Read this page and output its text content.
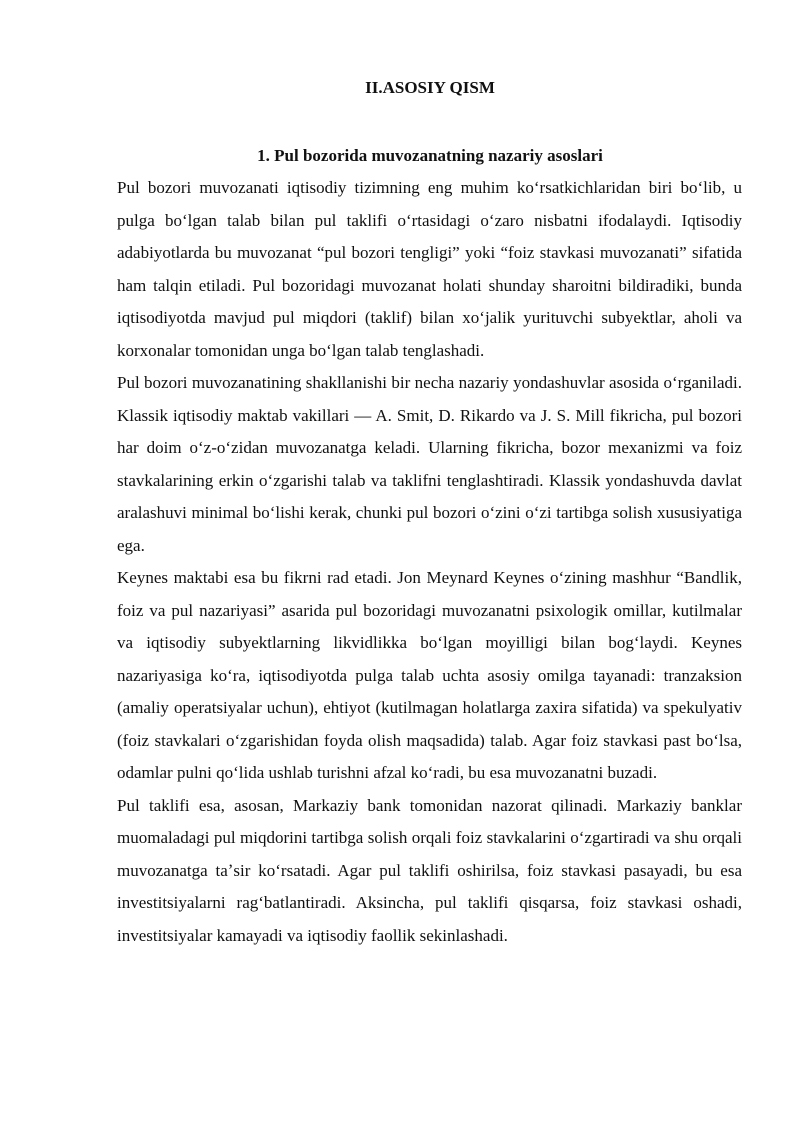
II.ASOSIY QISM
1. Pul bozorida muvozanatning nazariy asoslari

Pul bozori muvozanati iqtisodiy tizimning eng muhim koʻrsatkichlaridan biri boʻlib, u pulga boʻlgan talab bilan pul taklifi oʻrtasidagi oʻzaro nisbatni ifodalaydi. Iqtisodiy adabiyotlarda bu muvozanat “pul bozori tengligi” yoki “foiz stavkasi muvozanati” sifatida ham talqin etiladi. Pul bozoridagi muvozanat holati shunday sharoitni bildiradiki, bunda iqtisodiyotda mavjud pul miqdori (taklif) bilan xoʻjalik yurituvchi subyektlar, aholi va korxonalar tomonidan unga boʻlgan talab tenglashadi.

Pul bozori muvozanatining shakllanishi bir necha nazariy yondashuvlar asosida oʻrganiladi. Klassik iqtisodiy maktab vakillari — A. Smit, D. Rikardo va J. S. Mill fikricha, pul bozori har doim oʻz-oʻzidan muvozanatga keladi. Ularning fikricha, bozor mexanizmi va foiz stavkalarining erkin oʻzgarishi talab va taklifni tenglashtiradi. Klassik yondashuvda davlat aralashuvi minimal boʻlishi kerak, chunki pul bozori oʻzini oʻzi tartibga solish xususiyatiga ega.

Keynes maktabi esa bu fikrni rad etadi. Jon Meynard Keynes oʻzining mashhur “Bandlik, foiz va pul nazariyasi” asarida pul bozoridagi muvozanatni psixologik omillar, kutilmalar va iqtisodiy subyektlarning likvidlikka boʻlgan moyilligi bilan bogʻlaydi. Keynes nazariyasiga koʻra, iqtisodiyotda pulga talab uchta asosiy omilga tayanadi: tranzaksion (amaliy operatsiyalar uchun), ehtiyot (kutilmagan holatlarga zaxira sifatida) va spekulyativ (foiz stavkalari oʻzgarishidan foyda olish maqsadida) talab. Agar foiz stavkasi past boʻlsa, odamlar pulni qoʻlida ushlab turishni afzal koʻradi, bu esa muvozanatni buzadi.

Pul taklifi esa, asosan, Markaziy bank tomonidan nazorat qilinadi. Markaziy banklar muomaladagi pul miqdorini tartibga solish orqali foiz stavkalarini oʻzgartiradi va shu orqali muvozanatga taʼsir koʻrsatadi. Agar pul taklifi oshirilsa, foiz stavkasi pasayadi, bu esa investitsiyalarni ragʻbatlantiradi. Aksincha, pul taklifi qisqarsa, foiz stavkasi oshadi, investitsiyalar kamayadi va iqtisodiy faollik sekinlashadi.
